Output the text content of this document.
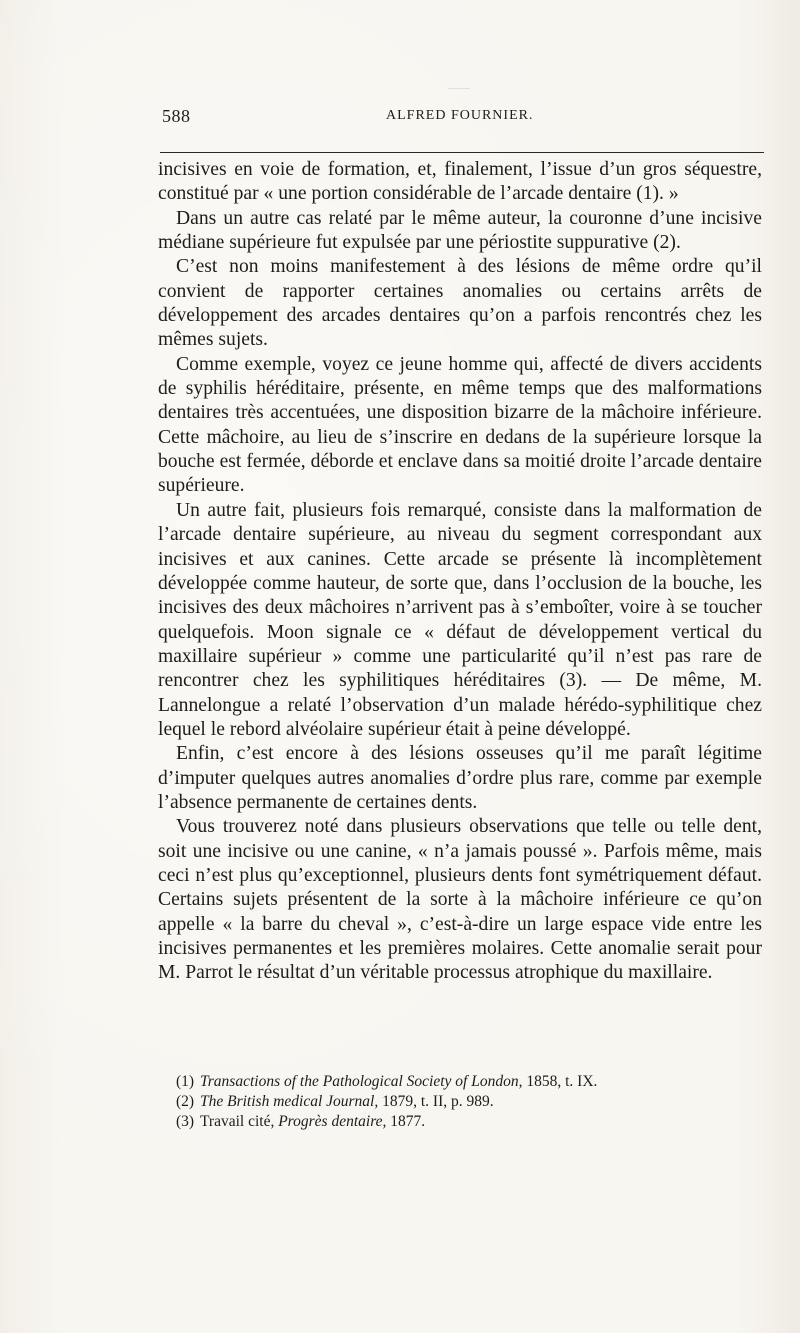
588	ALFRED FOURNIER.

incisives en voie de formation, et, finalement, l’issue d’un gros séquestre, constitué par « une portion considérable de l’arcade dentaire (1). »

Dans un autre cas relaté par le même auteur, la couronne d’une incisive médiane supérieure fut expulsée par une périostite suppurative (2).

C’est non moins manifestement à des lésions de même ordre qu’il convient de rapporter certaines anomalies ou certains arrêts de développement des arcades dentaires qu’on a parfois rencontrés chez les mêmes sujets.

Comme exemple, voyez ce jeune homme qui, affecté de divers accidents de syphilis héréditaire, présente, en même temps que des malformations dentaires très accentuées, une disposition bizarre de la mâchoire inférieure. Cette mâchoire, au lieu de s’inscrire en dedans de la supérieure lorsque la bouche est fermée, déborde et enclave dans sa moitié droite l’arcade dentaire supérieure.

Un autre fait, plusieurs fois remarqué, consiste dans la malformation de l’arcade dentaire supérieure, au niveau du segment correspondant aux incisives et aux canines. Cette arcade se présente là incomplètement développée comme hauteur, de sorte que, dans l’occlusion de la bouche, les incisives des deux mâchoires n’arrivent pas à s’emboîter, voire à se toucher quelquefois. Moon signale ce « défaut de développement vertical du maxillaire supérieur » comme une particularité qu’il n’est pas rare de rencontrer chez les syphilitiques héréditaires (3). — De même, M. Lannelongue a relaté l’observation d’un malade hérédo-syphilitique chez lequel le rebord alvéolaire supérieur était à peine développé.

Enfin, c’est encore à des lésions osseuses qu’il me paraît légitime d’imputer quelques autres anomalies d’ordre plus rare, comme par exemple l’absence permanente de certaines dents.

Vous trouverez noté dans plusieurs observations que telle ou telle dent, soit une incisive ou une canine, « n’a jamais poussé ». Parfois même, mais ceci n’est plus qu’exceptionnel, plusieurs dents font symétriquement défaut. Certains sujets présentent de la sorte à la mâchoire inférieure ce qu’on appelle « la barre du cheval », c’est-à-dire un large espace vide entre les incisives permanentes et les premières molaires. Cette anomalie serait pour M. Parrot le résultat d’un véritable processus atrophique du maxillaire.

(1) Transactions of the Pathological Society of London, 1858, t. IX.

(2) The British medical Journal, 1879, t. II, p. 989.

(3) Travail cité, Progrès dentaire, 1877.
